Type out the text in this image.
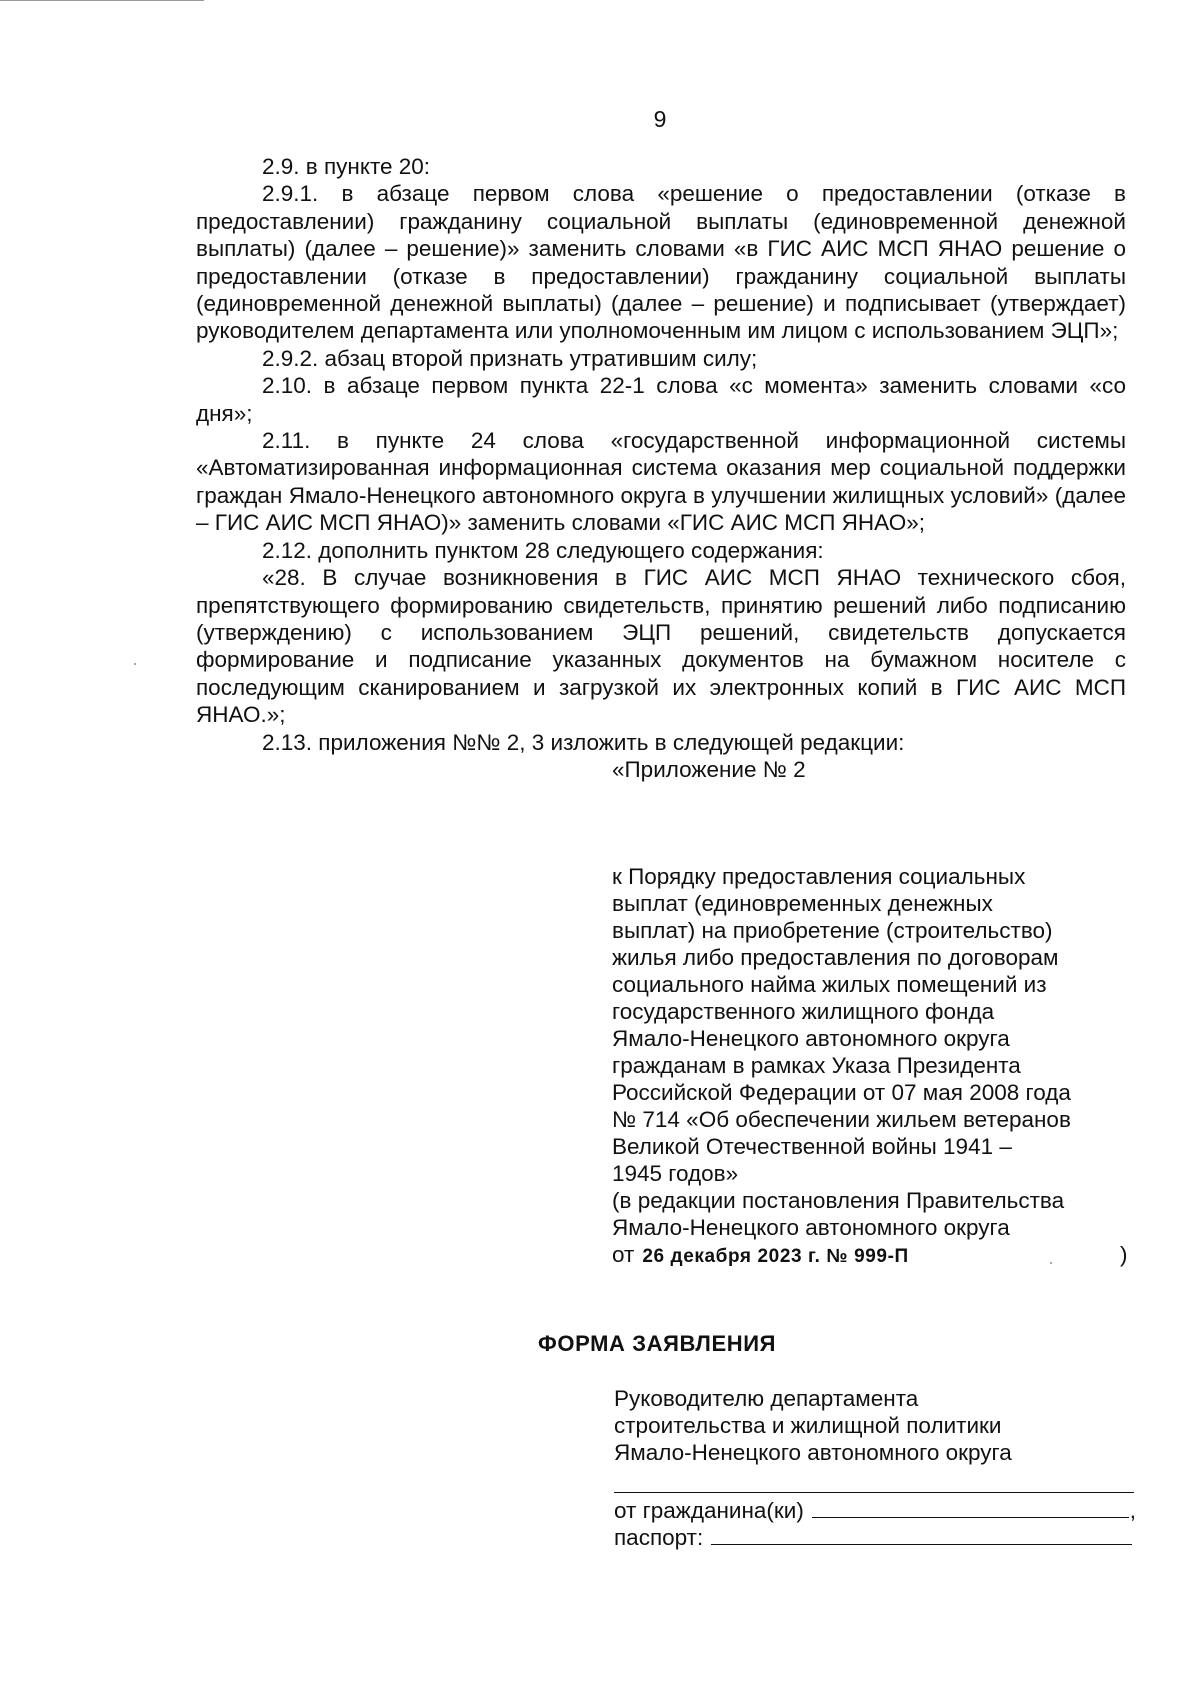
9

2.9. в пункте 20:

2.9.1. в абзаце первом слова «решение о предоставлении (отказе в предоставлении) гражданину социальной выплаты (единовременной денежной выплаты) (далее – решение)» заменить словами «в ГИС АИС МСП ЯНАО решение о предоставлении (отказе в предоставлении) гражданину социальной выплаты (единовременной денежной выплаты) (далее – решение) и подписывает (утверждает) руководителем департамента или уполномоченным им лицом с использованием ЭЦП»;

2.9.2. абзац второй признать утратившим силу;

2.10. в абзаце первом пункта 22-1 слова «с момента» заменить словами «со дня»;

2.11. в пункте 24 слова «государственной информационной системы «Автоматизированная информационная система оказания мер социальной поддержки граждан Ямало-Ненецкого автономного округа в улучшении жилищных условий» (далее – ГИС АИС МСП ЯНАО)» заменить словами «ГИС АИС МСП ЯНАО»;

2.12. дополнить пунктом 28 следующего содержания:

«28. В случае возникновения в ГИС АИС МСП ЯНАО технического сбоя, препятствующего формированию свидетельств, принятию решений либо подписанию (утверждению) с использованием ЭЦП решений, свидетельств допускается формирование и подписание указанных документов на бумажном носителе с последующим сканированием и загрузкой их электронных копий в ГИС АИС МСП ЯНАО.»;

2.13. приложения №№ 2, 3 изложить в следующей редакции:

«Приложение № 2

к Порядку предоставления социальных
выплат (единовременных денежных
выплат) на приобретение (строительство)
жилья либо предоставления по договорам
социального найма жилых помещений из
государственного жилищного фонда
Ямало-Ненецкого автономного округа
гражданам в рамках Указа Президента
Российской Федерации от 07 мая 2008 года
№ 714 «Об обеспечении жильем ветеранов
Великой Отечественной войны 1941 –
1945 годов»
(в редакции постановления Правительства
Ямало-Ненецкого автономного округа
от 26 декабря 2023 г. № 999-П	)
ФОРМА ЗАЯВЛЕНИЯ
Руководителю департамента
строительства и жилищной политики
Ямало-Ненецкого автономного округа
от гражданина(ки)	,
паспорт:
